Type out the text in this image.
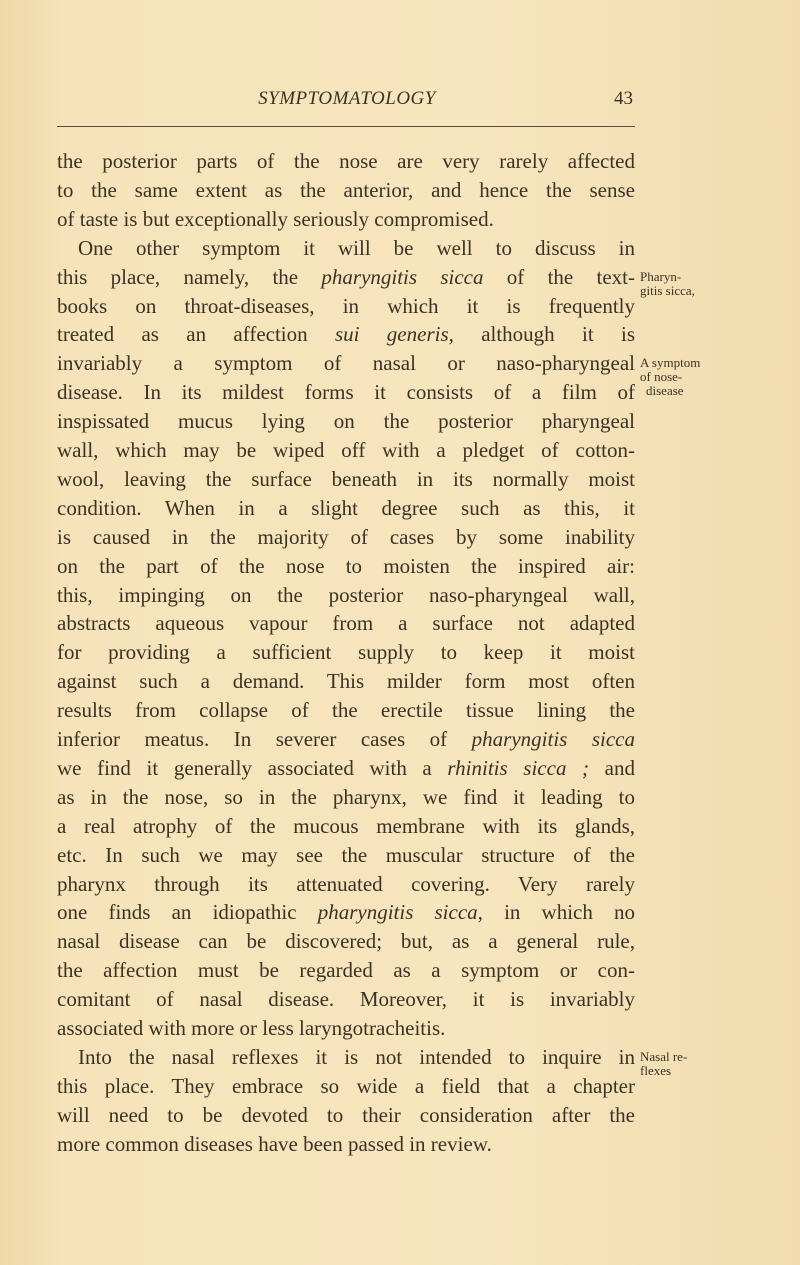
SYMPTOMATOLOGY	43
the posterior parts of the nose are very rarely affected
to the same extent as the anterior, and hence the sense
of taste is but exceptionally seriously compromised.
One other symptom it will be well to discuss in
this place, namely, the pharyngitis sicca of the text-
books on throat-diseases, in which it is frequently
treated as an affection sui generis, although it is
invariably a symptom of nasal or naso-pharyngeal
disease. In its mildest forms it consists of a film of
inspissated mucus lying on the posterior pharyngeal
wall, which may be wiped off with a pledget of cotton-
wool, leaving the surface beneath in its normally moist
condition. When in a slight degree such as this, it
is caused in the majority of cases by some inability
on the part of the nose to moisten the inspired air:
this, impinging on the posterior naso-pharyngeal wall,
abstracts aqueous vapour from a surface not adapted
for providing a sufficient supply to keep it moist
against such a demand. This milder form most often
results from collapse of the erectile tissue lining the
inferior meatus. In severer cases of pharyngitis sicca
we find it generally associated with a rhinitis sicca ; and
as in the nose, so in the pharynx, we find it leading to
a real atrophy of the mucous membrane with its glands,
etc. In such we may see the muscular structure of the
pharynx through its attenuated covering. Very rarely
one finds an idiopathic pharyngitis sicca, in which no
nasal disease can be discovered; but, as a general rule,
the affection must be regarded as a symptom or con-
comitant of nasal disease. Moreover, it is invariably
associated with more or less laryngotracheitis.
Into the nasal reflexes it is not intended to inquire in
this place. They embrace so wide a field that a chapter
will need to be devoted to their consideration after the
more common diseases have been passed in review.
Pharyn-
gitis sicca,
A symptom
of nose-
disease
Nasal re-
flexes
